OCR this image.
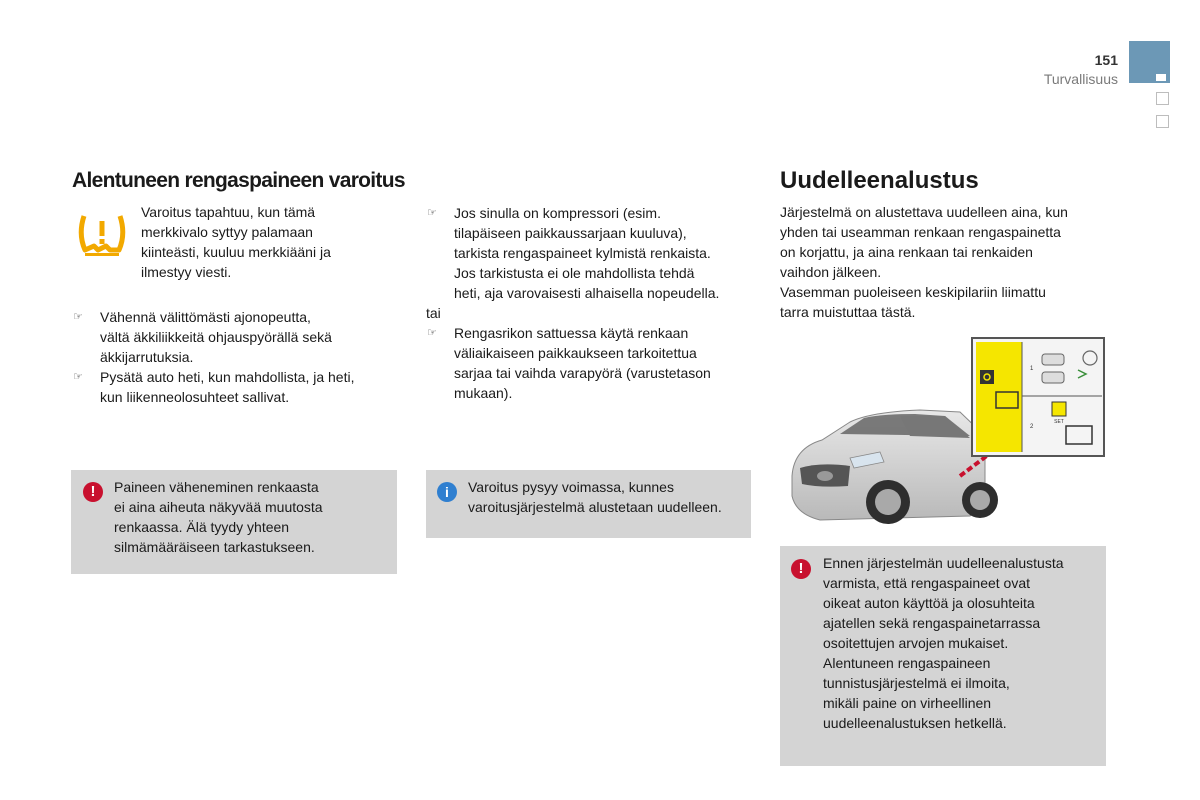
151
Turvallisuus
Alentuneen rengaspaineen varoitus
Varoitus tapahtuu, kun tämä
merkkivalo syttyy palamaan
kiinteästi, kuuluu merkkiääni ja
ilmestyy viesti.
☞ Vähennä välittömästi ajonopeutta,
vältä äkkiliikkeitä ohjauspyörällä sekä
äkkijarrutuksia.
☞ Pysätä auto heti, kun mahdollista, ja heti,
kun liikenneolosuhteet sallivat.
!	Paineen väheneminen renkaasta
ei aina aiheuta näkyvää muutosta
renkaassa. Älä tyydy yhteen
silmämääräiseen tarkastukseen.
☞ Jos sinulla on kompressori (esim.
tilapäiseen paikkaussarjaan kuuluva),
tarkista rengaspaineet kylmistä renkaista.
Jos tarkistusta ei ole mahdollista tehdä
heti, aja varovaisesti alhaisella nopeudella.
tai
☞ Rengasrikon sattuessa käytä renkaan
väliaikaiseen paikkaukseen tarkoitettua
sarjaa tai vaihda varapyörä (varustetason
mukaan).
i	Varoitus pysyy voimassa, kunnes
varoitusjärjestelmä alustetaan uudelleen.
Uudelleenalustus
Järjestelmä on alustettava uudelleen aina, kun
yhden tai useamman renkaan rengaspainetta
on korjattu, ja aina renkaan tai renkaiden
vaihdon jälkeen.
Vasemman puoleiseen keskipilariin liimattu
tarra muistuttaa tästä.
SET
1
2
!	Ennen järjestelmän uudelleenalustusta
varmista, että rengaspaineet ovat
oikeat auton käyttöä ja olosuhteita
ajatellen sekä rengaspainetarrassa
osoitettujen arvojen mukaiset.
Alentuneen rengaspaineen
tunnistusjärjestelmä ei ilmoita,
mikäli paine on virheellinen
uudelleenalustuksen hetkellä.
